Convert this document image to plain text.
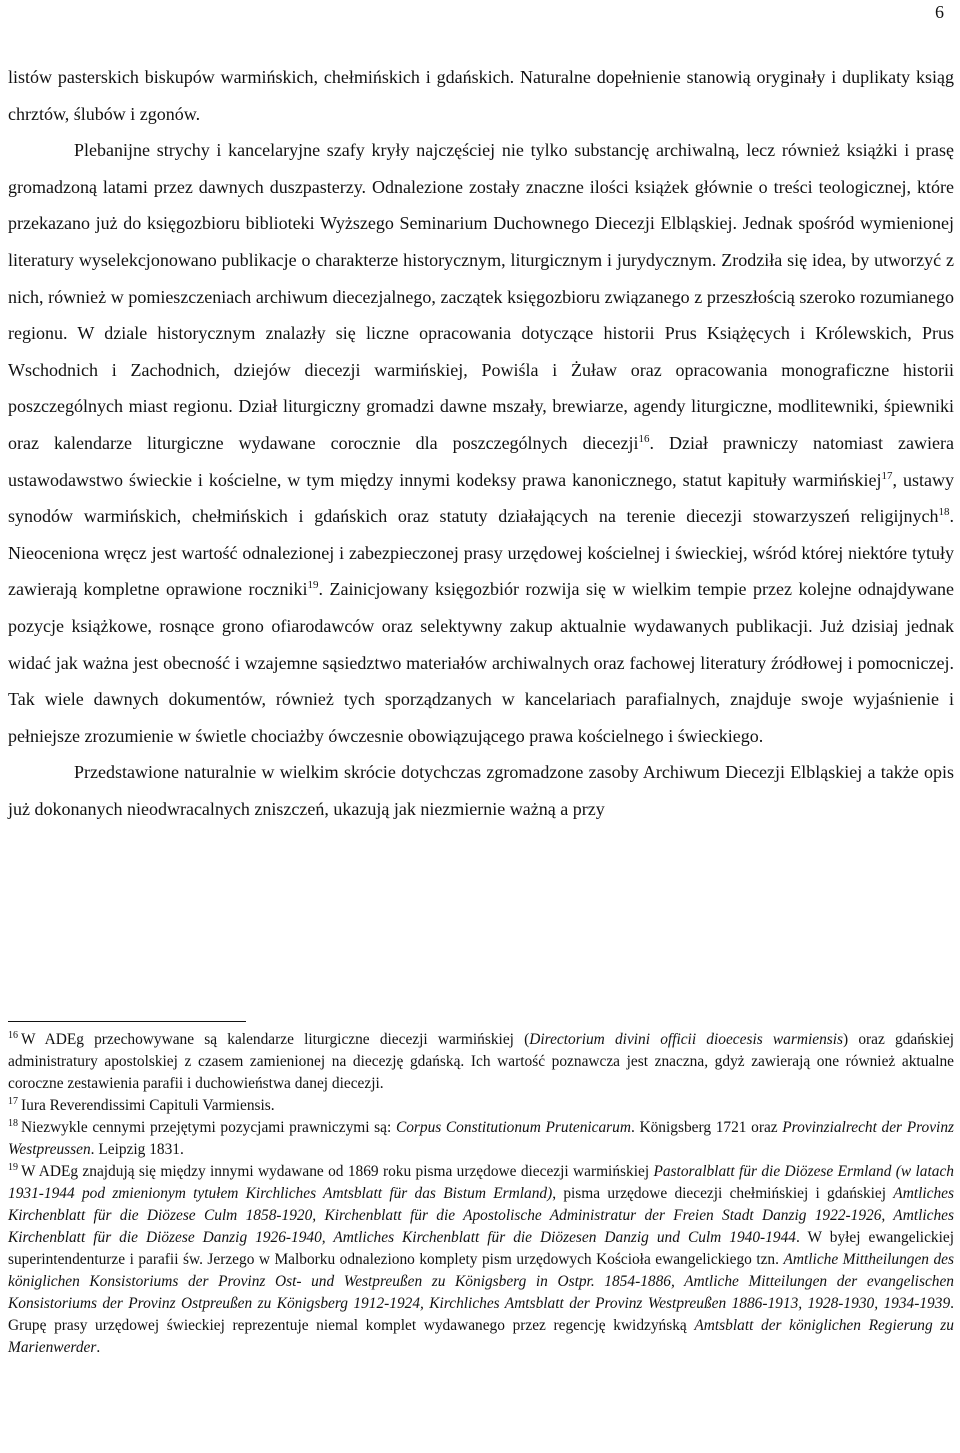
6

listów pasterskich biskupów warmińskich, chełmińskich i gdańskich. Naturalne dopełnienie stanowią oryginały i duplikaty ksiąg chrztów, ślubów i zgonów.

Plebanijne strychy i kancelaryjne szafy kryły najczęściej nie tylko substancję archiwalną, lecz również książki i prasę gromadzoną latami przez dawnych duszpasterzy. Odnalezione zostały znaczne ilości książek głównie o treści teologicznej, które przekazano już do księgozbioru biblioteki Wyższego Seminarium Duchownego Diecezji Elbląskiej. Jednak spośród wymienionej literatury wyselekcjonowano publikacje o charakterze historycznym, liturgicznym i jurydycznym. Zrodziła się idea, by utworzyć z nich, również w pomieszczeniach archiwum diecezjalnego, zaczątek księgozbioru związanego z przeszłością szeroko rozumianego regionu. W dziale historycznym znalazły się liczne opracowania dotyczące historii Prus Książęcych i Królewskich, Prus Wschodnich i Zachodnich, dziejów diecezji warmińskiej, Powiśla i Żuław oraz opracowania monograficzne historii poszczególnych miast regionu. Dział liturgiczny gromadzi dawne mszały, brewiarze, agendy liturgiczne, modlitewniki, śpiewniki oraz kalendarze liturgiczne wydawane corocznie dla poszczególnych diecezji$^{16}$. Dział prawniczy natomiast zawiera ustawodawstwo świeckie i kościelne, w tym między innymi kodeksy prawa kanonicznego, statut kapituły warmińskiej$^{17}$, ustawy synodów warmińskich, chełmińskich i gdańskich oraz statuty działających na terenie diecezji stowarzyszeń religijnych$^{18}$. Nieoceniona wręcz jest wartość odnalezionej i zabezpieczonej prasy urzędowej kościelnej i świeckiej, wśród której niektóre tytuły zawierają kompletne oprawione roczniki$^{19}$. Zainicjowany księgozbiór rozwija się w wielkim tempie przez kolejne odnajdywane pozycje książkowe, rosnące grono ofiarodawców oraz selektywny zakup aktualnie wydawanych publikacji. Już dzisiaj jednak widać jak ważna jest obecność i wzajemne sąsiedztwo materiałów archiwalnych oraz fachowej literatury źródłowej i pomocniczej. Tak wiele dawnych dokumentów, również tych sporządzanych w kancelariach parafialnych, znajduje swoje wyjaśnienie i pełniejsze zrozumienie w świetle chociażby ówczesnie obowiązującego prawa kościelnego i świeckiego.

Przedstawione naturalnie w wielkim skrócie dotychczas zgromadzone zasoby Archiwum Diecezji Elbląskiej a także opis już dokonanych nieodwracalnych zniszczeń, ukazują jak niezmiernie ważną a przy

$^{16}$ W ADEg przechowywane są kalendarze liturgiczne diecezji warmińskiej (Directorium divini officii dioecesis warmiensis) oraz gdańskiej administratury apostolskiej z czasem zamienionej na diecezję gdańską. Ich wartość poznawcza jest znaczna, gdyż zawierają one również aktualne coroczne zestawienia parafii i duchowieństwa danej diecezji.

$^{17}$ Iura Reverendissimi Capituli Varmiensis.

$^{18}$ Niezwykle cennymi przejętymi pozycjami prawniczymi są: Corpus Constitutionum Prutenicarum. Königsberg 1721 oraz Provinzialrecht der Provinz Westpreussen. Leipzig 1831.

$^{19}$ W ADEg znajdują się między innymi wydawane od 1869 roku pisma urzędowe diecezji warmińskiej Pastoralblatt für die Diözese Ermland (w latach 1931-1944 pod zmienionym tytułem Kirchliches Amtsblatt für das Bistum Ermland), pisma urzędowe diecezji chełmińskiej i gdańskiej Amtliches Kirchenblatt für die Diözese Culm 1858-1920, Kirchenblatt für die Apostolische Administratur der Freien Stadt Danzig 1922-1926, Amtliches Kirchenblatt für die Diözese Danzig 1926-1940, Amtliches Kirchenblatt für die Diözesen Danzig und Culm 1940-1944. W byłej ewangelickiej superintendenturze i parafii św. Jerzego w Malborku odnaleziono komplety pism urzędowych Kościoła ewangelickiego tzn. Amtliche Mittheilungen des königlichen Konsistoriums der Provinz Ost- und Westpreußen zu Königsberg in Ostpr. 1854-1886, Amtliche Mitteilungen der evangelischen Konsistoriums der Provinz Ostpreußen zu Königsberg 1912-1924, Kirchliches Amtsblatt der Provinz Westpreußen 1886-1913, 1928-1930, 1934-1939. Grupę prasy urzędowej świeckiej reprezentuje niemal komplet wydawanego przez regencję kwidzyńską Amtsblatt der königlichen Regierung zu Marienwerder.
